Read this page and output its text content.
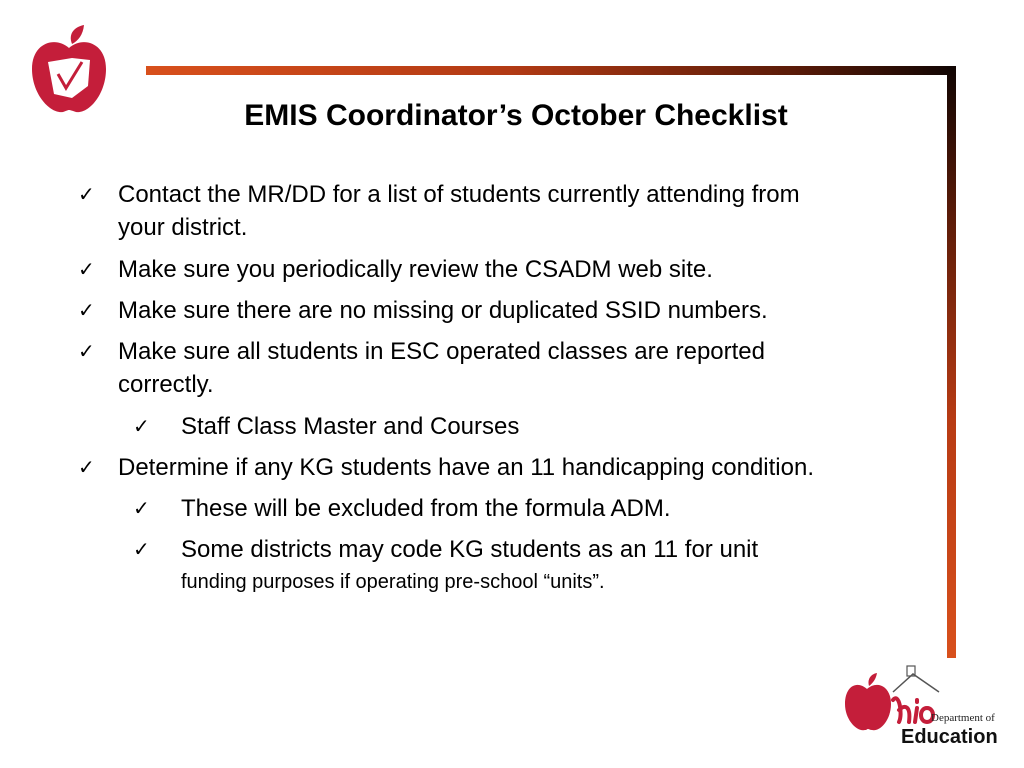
EMIS Coordinator’s October Checklist
✓ Contact the MR/DD for a list of students currently attending from
your district.
✓ Make sure you periodically review the CSADM web site.
✓ Make sure there are no missing or duplicated SSID numbers.
✓ Make sure all students in ESC operated classes are reported
correctly.
✓ Staff Class Master and Courses
✓ Determine if any KG students have an 11 handicapping condition.
✓ These will be excluded from the formula ADM.
✓ Some districts may code KG students as an 11 for unit
funding purposes if operating pre-school “units”.
Department of
Education
